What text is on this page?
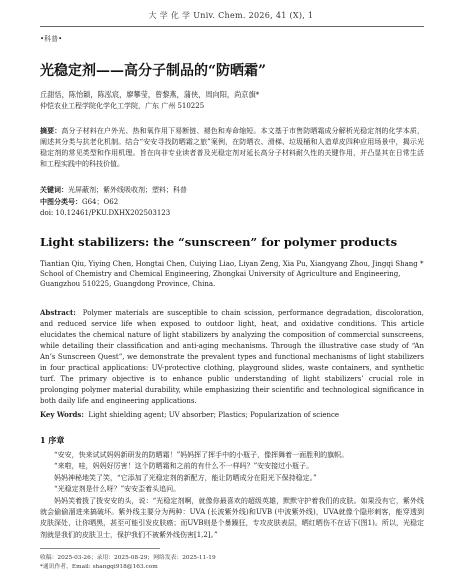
大 学 化 学 Univ. Chem. 2026, 41 (X), 1
•科普•
光稳定剂——高分子制品的“防晒霜”
丘甜恬，陈怡颖，陈泓宸，廖攀莹，曾黎燕，蒲侠，周向阳，尚京旗*
仲恺农业工程学院化学化工学院，广东 广州 510225
摘要：高分子材料在户外光、热和氧作用下易断链、褪色和寿命缩短。本文基于市售防晒霜成分解析光稳定剂的化学本质，阐述其分类与抗老化机制。结合“安安寻找防晒霜之旅”案例，在防晒衣、滑梯、垃圾桶和人造草皮四种应用场景中，揭示光稳定剂的常见类型和作用机理。旨在向非专业读者普及光稳定剂对延长高分子材料耐久性的关键作用，并凸显其在日常生活和工程实践中的科技价值。
关键词：光屏蔽剂；紫外线吸收剂；塑料；科普
中图分类号：G64；O62
doi: 10.12461/PKU.DXHX202503123
Light stabilizers: the “sunscreen” for polymer products
Tiantian Qiu, Yiying Chen, Hongtai Chen, Cuiying Liao, Liyan Zeng, Xia Pu, Xiangyang Zhou, Jingqi Shang *
School of Chemistry and Chemical Engineering, Zhongkai University of Agriculture and Engineering, Guangzhou 510225, Guangdong Province, China.
Abstract: Polymer materials are susceptible to chain scission, performance degradation, discoloration, and reduced service life when exposed to outdoor light, heat, and oxidative conditions. This article elucidates the chemical nature of light stabilizers by analyzing the composition of commercial sunscreens, while detailing their classification and anti-aging mechanisms. Through the illustrative case study of “An An’s Sunscreen Quest”, we demonstrate the prevalent types and functional mechanisms of light stabilizers in four practical applications: UV-protective clothing, playground slides, waste containers, and synthetic turf. The primary objective is to enhance public understanding of light stabilizers’ crucial role in prolonging polymer material durability, while emphasizing their scientific and technological significance in both daily life and engineering applications.
Key Words: Light shielding agent; UV absorber; Plastics; Popularization of science
1 序章

“安安，快来试试妈妈新研发的防晒霜！”妈妈挥了挥手中的小瓶子，像挥舞着一面胜利的旗帜。

“来啦，哇，妈妈好厉害！这个防晒霜和之前的有什么不一样吗？”安安接过小瓶子。

妈妈神秘地笑了笑，“它添加了光稳定剂的新配方，能让防晒成分在阳光下保持稳定。”

“光稳定剂是什么呀？”安安歪着头追问。

妈妈笑着拨了拨安安的头，说：“光稳定剂啊，就像你最喜欢的超级英雄，默默守护着我们的皮肤。如果没有它，紫外线就会偷偷溜进来搞破坏。紫外线主要分为两种：UVA (长波紫外线)和UVB (中波紫外线)，UVA就像个隐形刺客，能穿透到皮肤深处，让你晒黑，甚至可能引发皮肤癌；而UVB则是个暴躁狂，专攻皮肤表层，晒红晒伤不在话下(图1)。所以，光稳定剂就是我们的皮肤卫士，保护我们不被紫外线伤害[1,2]。”

收稿：2025-03-26；录用：2025-08-29；网络发表：2025-11-19
*通讯作者，Email: shangqi918@163.com
